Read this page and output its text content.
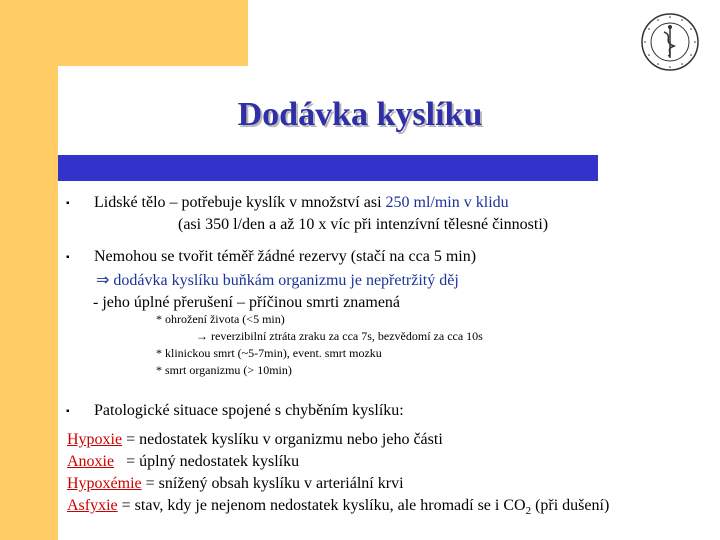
Dodávka kyslíku
▪ Lidské tělo – potřebuje kyslík v množství asi 250 ml/min v klidu
(asi 350 l/den a až 10 x víc při intenzívní tělesné činnosti)
▪ Nemohou se tvořit téměř žádné rezervy (stačí na cca 5 min)
⇒ dodávka kyslíku buňkám organizmu je nepřetržitý děj
- jeho úplné přerušení – příčinou smrti znamená
* ohrožení života (<5 min)
→ reverzibilní ztráta zraku za cca 7s, bezvědomí za cca 10s
* klinickou smrt (~5-7min), event. smrt mozku
* smrt organizmu (> 10min)
▪ Patologické situace spojené s chyběním kyslíku:
Hypoxie = nedostatek kyslíku v organizmu nebo jeho části
Anoxie   = úplný nedostatek kyslíku
Hypoxémie = snížený obsah kyslíku v arteriální krvi
Asfyxie = stav, kdy je nejenom nedostatek kyslíku, ale hromadí se i $CO_2$ (při dušení)
